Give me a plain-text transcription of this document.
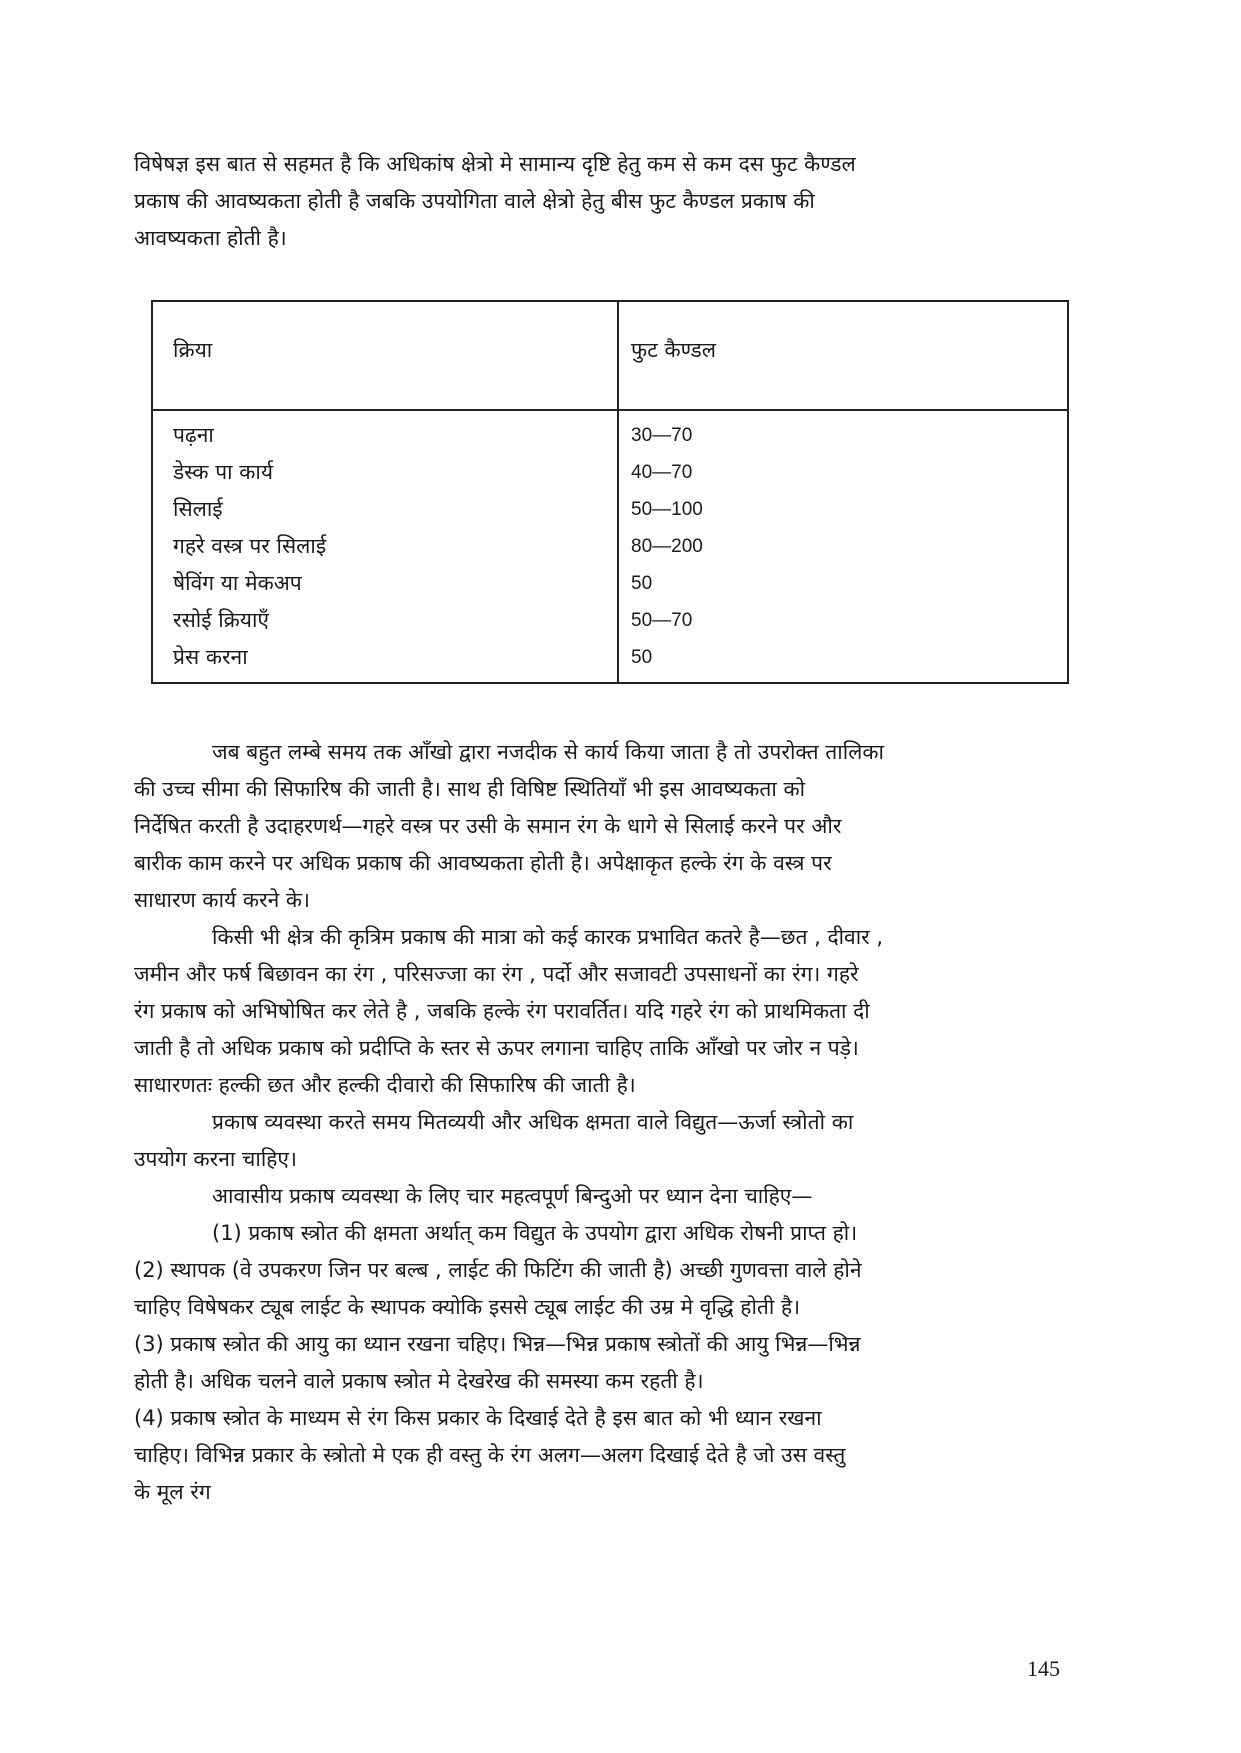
विषेषज्ञ इस बात से सहमत है कि अधिकांष क्षेत्रो मे सामान्य दृष्टि हेतु कम से कम दस फुट कैण्डल
प्रकाष की आवष्यकता होती है जबकि उपयोगिता वाले क्षेत्रो हेतु बीस फुट कैण्डल प्रकाष की
आवष्यकता होती है।
क्रिया	फुट कैण्डल
पढ़ना	30—70
डेस्क पा कार्य	40—70
सिलाई	50—100
गहरे वस्त्र पर सिलाई	80—200
षेविंग या मेकअप	50
रसोई क्रियाएँ	50—70
प्रेस करना	50
जब बहुत लम्बे समय तक आँखो द्वारा नजदीक से कार्य किया जाता है तो उपरोक्त तालिका
की उच्च सीमा की सिफारिष की जाती है। साथ ही विषिष्ट स्थितियाँ भी इस आवष्यकता को
निर्देषित करती है उदाहरणर्थ—गहरे वस्त्र पर उसी के समान रंग के धागे से सिलाई करने पर और
बारीक काम करने पर अधिक प्रकाष की आवष्यकता होती है। अपेक्षाकृत हल्के रंग के वस्त्र पर
साधारण कार्य करने के।
किसी भी क्षेत्र की कृत्रिम प्रकाष की मात्रा को कई कारक प्रभावित कतरे है—छत , दीवार ,
जमीन और फर्ष बिछावन का रंग , परिसज्जा का रंग , पर्दो और सजावटी उपसाधनों का रंग। गहरे
रंग प्रकाष को अभिषोषित कर लेते है , जबकि हल्के रंग परावर्तित। यदि गहरे रंग को प्राथमिकता दी
जाती है तो अधिक प्रकाष को प्रदीप्ति के स्तर से ऊपर लगाना चाहिए ताकि आँखो पर जोर न पड़े।
साधारणतः हल्की छत और हल्की दीवारो की सिफारिष की जाती है।
प्रकाष व्यवस्था करते समय मितव्ययी और अधिक क्षमता वाले विद्युत—ऊर्जा स्त्रोतो का
उपयोग करना चाहिए।
आवासीय प्रकाष व्यवस्था के लिए चार महत्वपूर्ण बिन्दुओ पर ध्यान देना चाहिए—
(1) प्रकाष स्त्रोत की क्षमता अर्थात् कम विद्युत के उपयोग द्वारा अधिक रोषनी प्राप्त हो।
(2) स्थापक (वे उपकरण जिन पर बल्ब , लाईट की फिटिंग की जाती है) अच्छी गुणवत्ता वाले होने
चाहिए विषेषकर ट्यूब लाईट के स्थापक क्योकि इससे ट्यूब लाईट की उम्र मे वृद्धि होती है।
(3) प्रकाष स्त्रोत की आयु का ध्यान रखना चहिए। भिन्न—भिन्न प्रकाष स्त्रोतों की आयु भिन्न—भिन्न
होती है। अधिक चलने वाले प्रकाष स्त्रोत मे देखरेख की समस्या कम रहती है।
(4) प्रकाष स्त्रोत के माध्यम से रंग किस प्रकार के दिखाई देते है इस बात को भी ध्यान रखना
चाहिए। विभिन्न प्रकार के स्त्रोतो मे एक ही वस्तु के रंग अलग—अलग दिखाई देते है जो उस वस्तु
के मूल रंग
145
